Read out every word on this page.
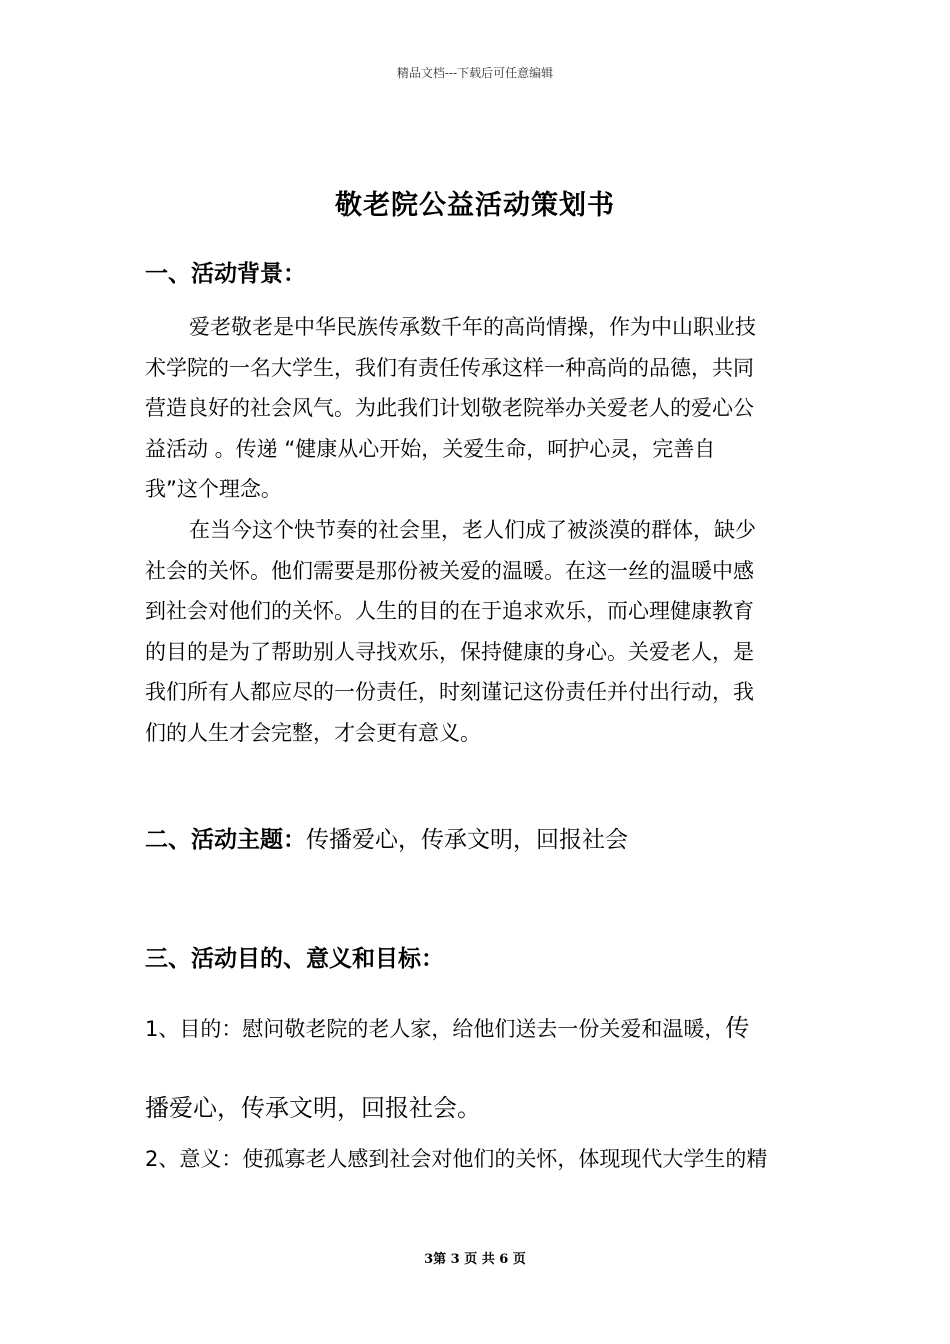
精品文档---下载后可任意编辑
敬老院公益活动策划书
一、活动背景：
爱老敬老是中华民族传承数千年的高尚情操，作为中山职业技
术学院的一名大学生，我们有责任传承这样一种高尚的品德，共同
营造良好的社会风气。为此我们计划敬老院举办关爱老人的爱心公
益活动 。传递 “健康从心开始，关爱生命，呵护心灵，完善自
我”这个理念。
在当今这个快节奏的社会里，老人们成了被淡漠的群体，缺少
社会的关怀。他们需要是那份被关爱的温暖。在这一丝的温暖中感
到社会对他们的关怀。人生的目的在于追求欢乐，而心理健康教育
的目的是为了帮助别人寻找欢乐，保持健康的身心。关爱老人，是
我们所有人都应尽的一份责任，时刻谨记这份责任并付出行动，我
们的人生才会完整，才会更有意义。
二、活动主题：传播爱心，传承文明，回报社会
三、活动目的、意义和目标：
1、目的：慰问敬老院的老人家，给他们送去一份关爱和温暖，传
播爱心，传承文明，回报社会。
2、意义：使孤寡老人感到社会对他们的关怀，体现现代大学生的精
3第 3 页 共 6 页
